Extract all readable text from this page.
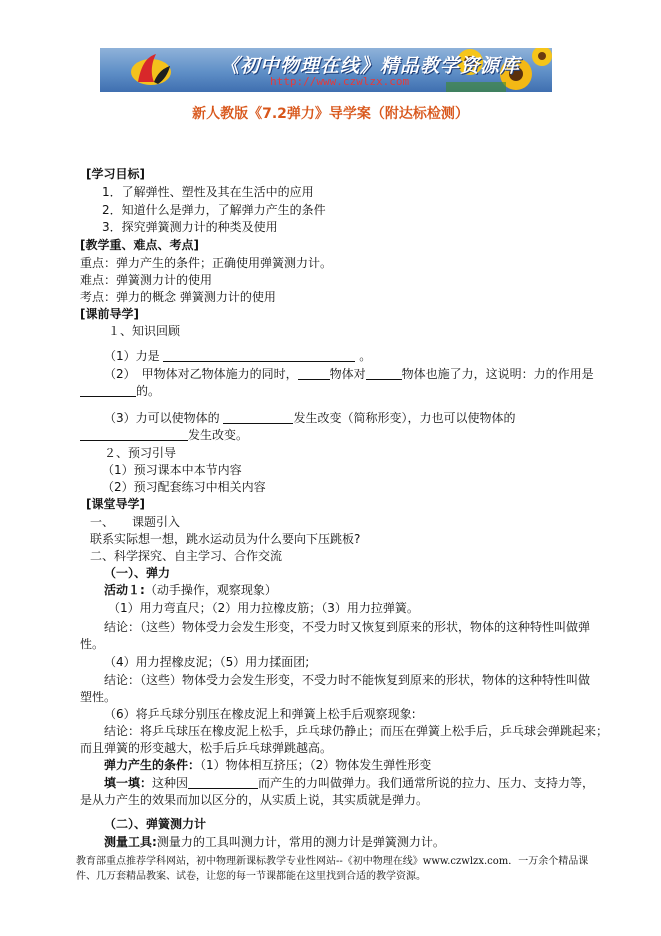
《初中物理在线》精品教学资源库
http://www.czwlzx.com
新人教版《7.2弹力》导学案（附达标检测）
[学习目标]
1．了解弹性、塑性及其在生活中的应用
2．知道什么是弹力，了解弹力产生的条件
3．探究弹簧测力计的种类及使用
[教学重、难点、考点]
重点：弹力产生的条件；正确使用弹簧测力计。
难点：弹簧测力计的使用
考点：弹力的概念 弹簧测力计的使用
[课前导学]
１、知识回顾
（1）力是	。
（2）　甲物体对乙物体施力的同时，	物体对	物体也施了力，这说明：力的作用是
的。
（3）力可以使物体的	发生改变（简称形变），力也可以使物体的
发生改变。
２、预习引导
（1）预习课本中本节内容
（2）预习配套练习中相关内容
[课堂导学]
一、　　课题引入
联系实际想一想，跳水运动员为什么要向下压跳板?
二、科学探究、自主学习、合作交流
（一）、弹力
活动１:（动手操作，观察现象）
（1）用力弯直尺；（2）用力拉橡皮筋；（3）用力拉弹簧。
结论：（这些）物体受力会发生形变，不受力时又恢复到原来的形状，物体的这种特性叫做弹
性。
（4）用力捏橡皮泥；（5）用力揉面团;
结论：（这些）物体受力会发生形变，不受力时不能恢复到原来的形状，物体的这种特性叫做
塑性。
（6）将乒乓球分别压在橡皮泥上和弹簧上松手后观察现象:
结论：将乒乓球压在橡皮泥上松手，乒乓球仍静止；而压在弹簧上松手后，乒乓球会弹跳起来；
而且弹簧的形变越大，松手后乒乓球弹跳越高。
弹力产生的条件：（1）物体相互挤压；（2）物体发生弹性形变
填一填：这种因	而产生的力叫做弹力。我们通常所说的拉力、压力、支持力等，
是从力产生的效果而加以区分的，从实质上说，其实质就是弹力。
（二）、弹簧测力计
测量工具:测量力的工具叫测力计，常用的测力计是弹簧测力计。
教育部重点推荐学科网站，初中物理新课标教学专业性网站--《初中物理在线》www.czwlzx.com．一万余个精品课
件、几万套精品教案、试卷，让您的每一节课都能在这里找到合适的教学资源。
